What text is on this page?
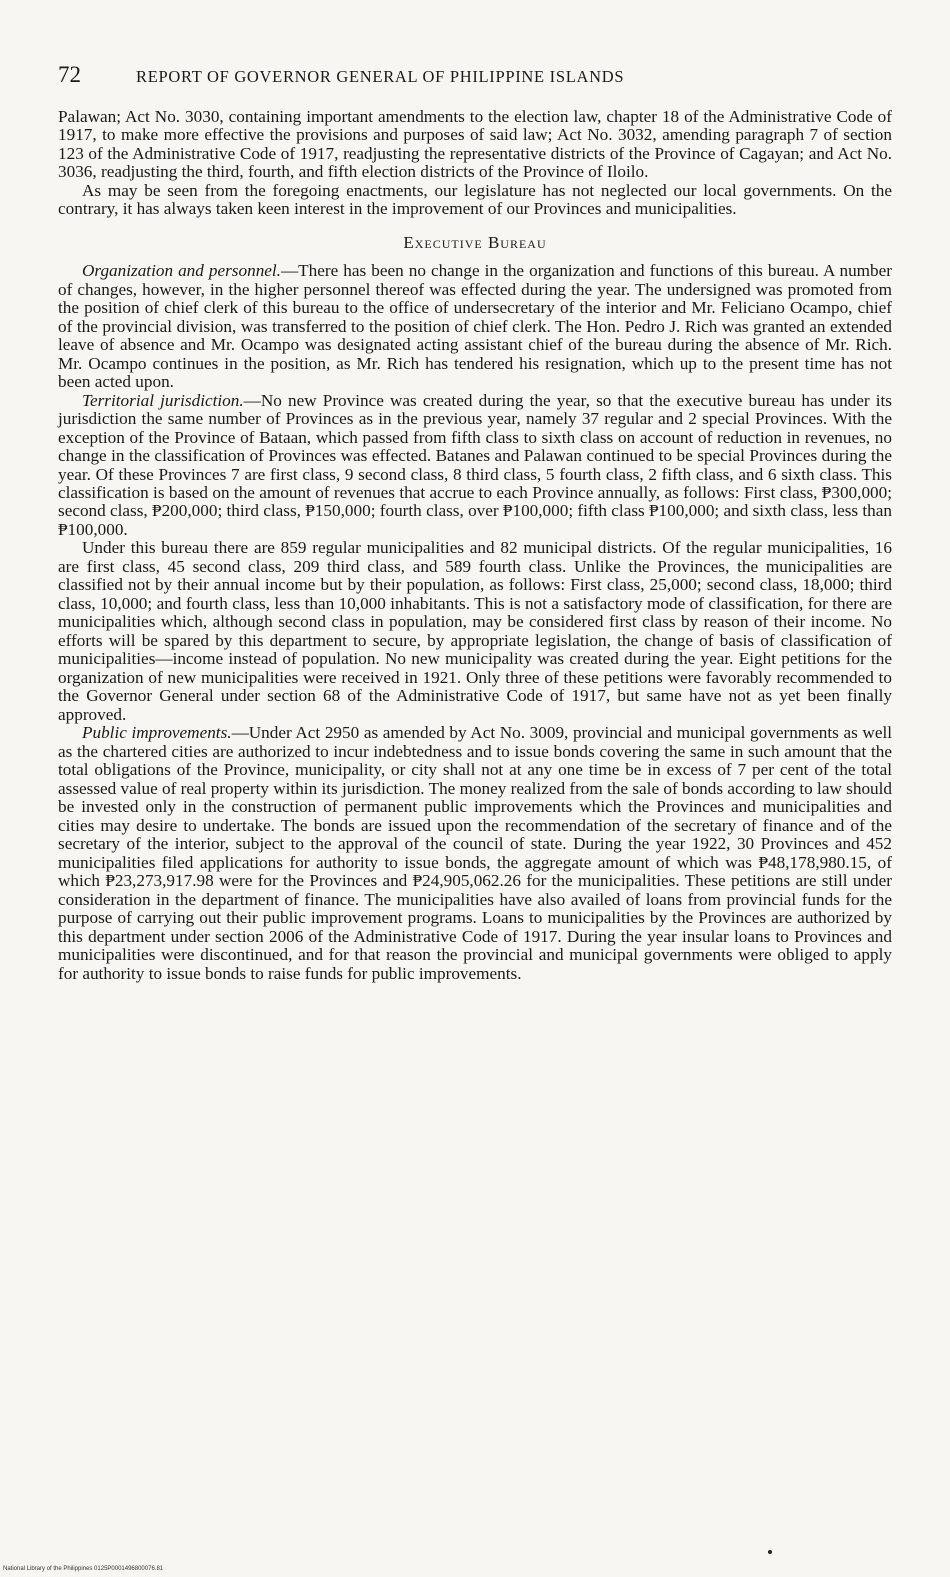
72	REPORT OF GOVERNOR GENERAL OF PHILIPPINE ISLANDS

Palawan; Act No. 3030, containing important amendments to the election law, chapter 18 of the Administrative Code of 1917, to make more effective the provisions and purposes of said law; Act No. 3032, amending paragraph 7 of section 123 of the Administrative Code of 1917, readjusting the representative districts of the Province of Cagayan; and Act No. 3036, readjusting the third, fourth, and fifth election districts of the Province of Iloilo.

As may be seen from the foregoing enactments, our legislature has not neglected our local governments. On the contrary, it has always taken keen interest in the improvement of our Provinces and municipalities.

Executive Bureau

Organization and personnel.—There has been no change in the organization and functions of this bureau. A number of changes, however, in the higher personnel thereof was effected during the year. The undersigned was promoted from the position of chief clerk of this bureau to the office of undersecretary of the interior and Mr. Feliciano Ocampo, chief of the provincial division, was transferred to the position of chief clerk. The Hon. Pedro J. Rich was granted an extended leave of absence and Mr. Ocampo was designated acting assistant chief of the bureau during the absence of Mr. Rich. Mr. Ocampo continues in the position, as Mr. Rich has tendered his resignation, which up to the present time has not been acted upon.

Territorial jurisdiction.—No new Province was created during the year, so that the executive bureau has under its jurisdiction the same number of Provinces as in the previous year, namely 37 regular and 2 special Provinces. With the exception of the Province of Bataan, which passed from fifth class to sixth class on account of reduction in revenues, no change in the classification of Provinces was effected. Batanes and Palawan continued to be special Provinces during the year. Of these Provinces 7 are first class, 9 second class, 8 third class, 5 fourth class, 2 fifth class, and 6 sixth class. This classification is based on the amount of revenues that accrue to each Province annually, as follows: First class, ₱300,000; second class, ₱200,000; third class, ₱150,000; fourth class, over ₱100,000; fifth class ₱100,000; and sixth class, less than ₱100,000.

Under this bureau there are 859 regular municipalities and 82 municipal districts. Of the regular municipalities, 16 are first class, 45 second class, 209 third class, and 589 fourth class. Unlike the Provinces, the municipalities are classified not by their annual income but by their population, as follows: First class, 25,000; second class, 18,000; third class, 10,000; and fourth class, less than 10,000 inhabitants. This is not a satisfactory mode of classification, for there are municipalities which, although second class in population, may be considered first class by reason of their income. No efforts will be spared by this department to secure, by appropriate legislation, the change of basis of classification of municipalities—income instead of population. No new municipality was created during the year. Eight petitions for the organization of new municipalities were received in 1921. Only three of these petitions were favorably recommended to the Governor General under section 68 of the Administrative Code of 1917, but same have not as yet been finally approved.

Public improvements.—Under Act 2950 as amended by Act No. 3009, provincial and municipal governments as well as the chartered cities are authorized to incur indebtedness and to issue bonds covering the same in such amount that the total obligations of the Province, municipality, or city shall not at any one time be in excess of 7 per cent of the total assessed value of real property within its jurisdiction. The money realized from the sale of bonds according to law should be invested only in the construction of permanent public improvements which the Provinces and municipalities and cities may desire to undertake. The bonds are issued upon the recommendation of the secretary of finance and of the secretary of the interior, subject to the approval of the council of state. During the year 1922, 30 Provinces and 452 municipalities filed applications for authority to issue bonds, the aggregate amount of which was ₱48,178,980.15, of which ₱23,273,917.98 were for the Provinces and ₱24,905,062.26 for the municipalities. These petitions are still under consideration in the department of finance. The municipalities have also availed of loans from provincial funds for the purpose of carrying out their public improvement programs. Loans to municipalities by the Provinces are authorized by this department under section 2006 of the Administrative Code of 1917. During the year insular loans to Provinces and municipalities were discontinued, and for that reason the provincial and municipal governments were obliged to apply for authority to issue bonds to raise funds for public improvements.

National Library of the Philippines 0125P0001496800076.81
